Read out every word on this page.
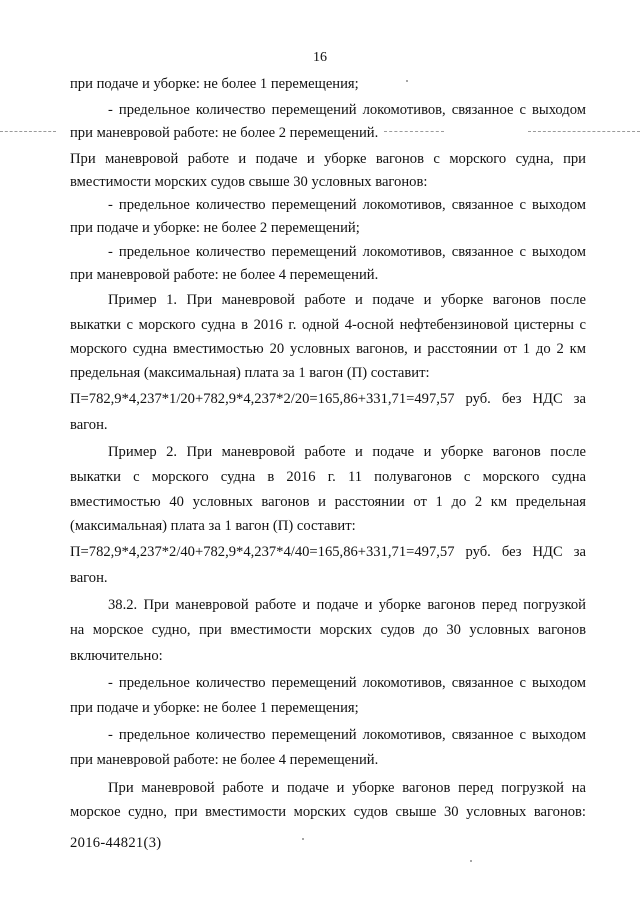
16
при подаче и уборке: не более 1 перемещения;
- предельное количество перемещений локомотивов, связанное с выходом
при маневровой работе: не более 2 перемещений.
При маневровой работе и подаче и уборке вагонов с морского судна, при
вместимости морских судов свыше 30 условных вагонов:
- предельное количество перемещений локомотивов, связанное с выходом
при подаче и уборке: не более 2 перемещений;
- предельное количество перемещений локомотивов, связанное с выходом
при маневровой работе: не более 4 перемещений.
Пример 1. При маневровой работе и подаче и уборке вагонов после
выкатки с морского судна в 2016 г. одной 4-осной нефтебензиновой цистерны с
морского судна вместимостью 20 условных вагонов, и расстоянии от 1 до 2 км
предельная (максимальная) плата за 1 вагон (П) составит:
П=782,9*4,237*1/20+782,9*4,237*2/20=165,86+331,71=497,57 руб. без НДС за
вагон.
Пример 2. При маневровой работе и подаче и уборке вагонов после
выкатки с морского судна в 2016 г. 11 полувагонов с морского судна
вместимостью 40 условных вагонов и расстоянии от 1 до 2 км предельная
(максимальная) плата за 1 вагон (П) составит:
П=782,9*4,237*2/40+782,9*4,237*4/40=165,86+331,71=497,57 руб. без НДС за
вагон.
38.2. При маневровой работе и подаче и уборке вагонов перед погрузкой
на морское судно, при вместимости морских судов до 30 условных вагонов
включительно:
- предельное количество перемещений локомотивов, связанное с выходом
при подаче и уборке: не более 1 перемещения;
- предельное количество перемещений локомотивов, связанное с выходом
при маневровой работе: не более 4 перемещений.
При маневровой работе и подаче и уборке вагонов перед погрузкой на
морское судно, при вместимости морских судов свыше 30 условных вагонов:
2016-44821(3)
